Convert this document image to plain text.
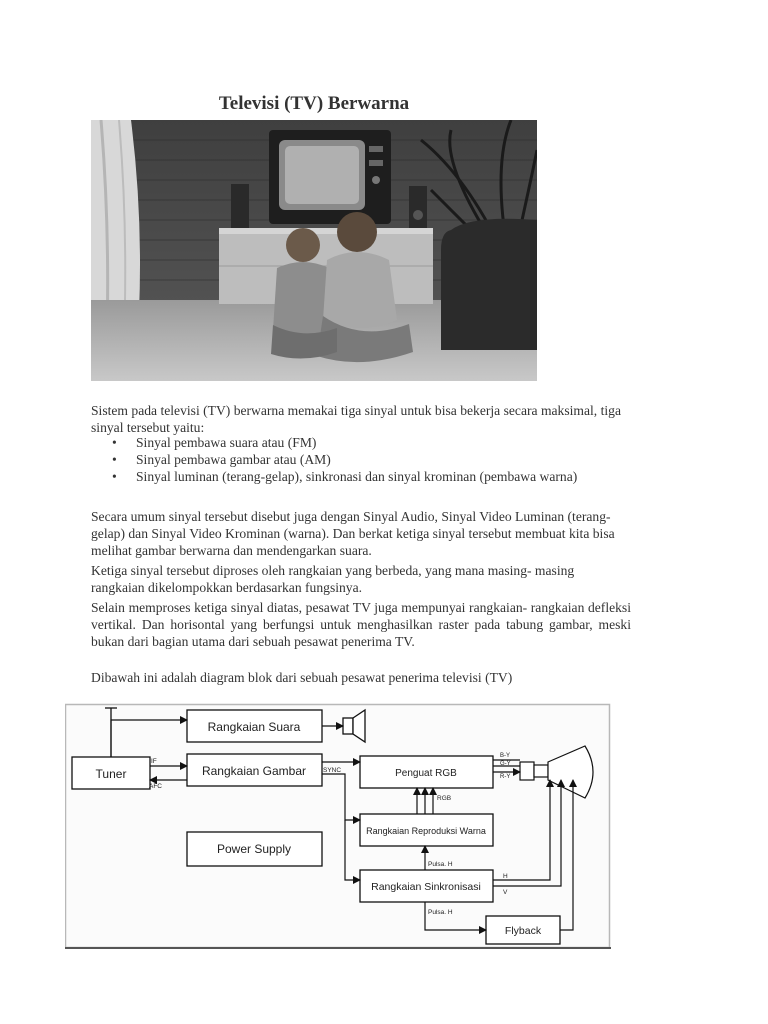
Televisi (TV) Berwarna
Sistem pada televisi (TV) berwarna memakai tiga sinyal untuk bisa bekerja secara maksimal, tiga sinyal tersebut yaitu:
• Sinyal pembawa suara atau (FM)
• Sinyal pembawa gambar atau (AM)
• Sinyal luminan (terang-gelap), sinkronasi dan sinyal krominan (pembawa warna)
Secara umum sinyal tersebut disebut juga dengan Sinyal Audio, Sinyal Video Luminan (terang-gelap) dan Sinyal Video Krominan (warna). Dan berkat ketiga sinyal tersebut membuat kita bisa melihat gambar berwarna dan mendengarkan suara.
Ketiga sinyal tersebut diproses oleh rangkaian yang berbeda, yang mana masing- masing rangkaian dikelompokkan berdasarkan fungsinya.
Selain memproses ketiga sinyal diatas, pesawat TV juga mempunyai rangkaian- rangkaian defleksi vertikal. Dan horisontal yang berfungsi untuk menghasilkan raster pada tabung gambar, meski bukan dari bagian utama dari sebuah pesawat penerima TV.
Dibawah ini adalah diagram blok dari sebuah pesawat penerima televisi (TV)
Tuner
Rangkaian Suara
Rangkaian Gambar
Power Supply
Penguat RGB
Rangkaian Reproduksi Warna
Rangkaian Sinkronisasi
Flyback
IF
AFC
SYNC
RGB
Pulsa. H
Pulsa. H
B-Y
G-Y
R-Y
H
V
